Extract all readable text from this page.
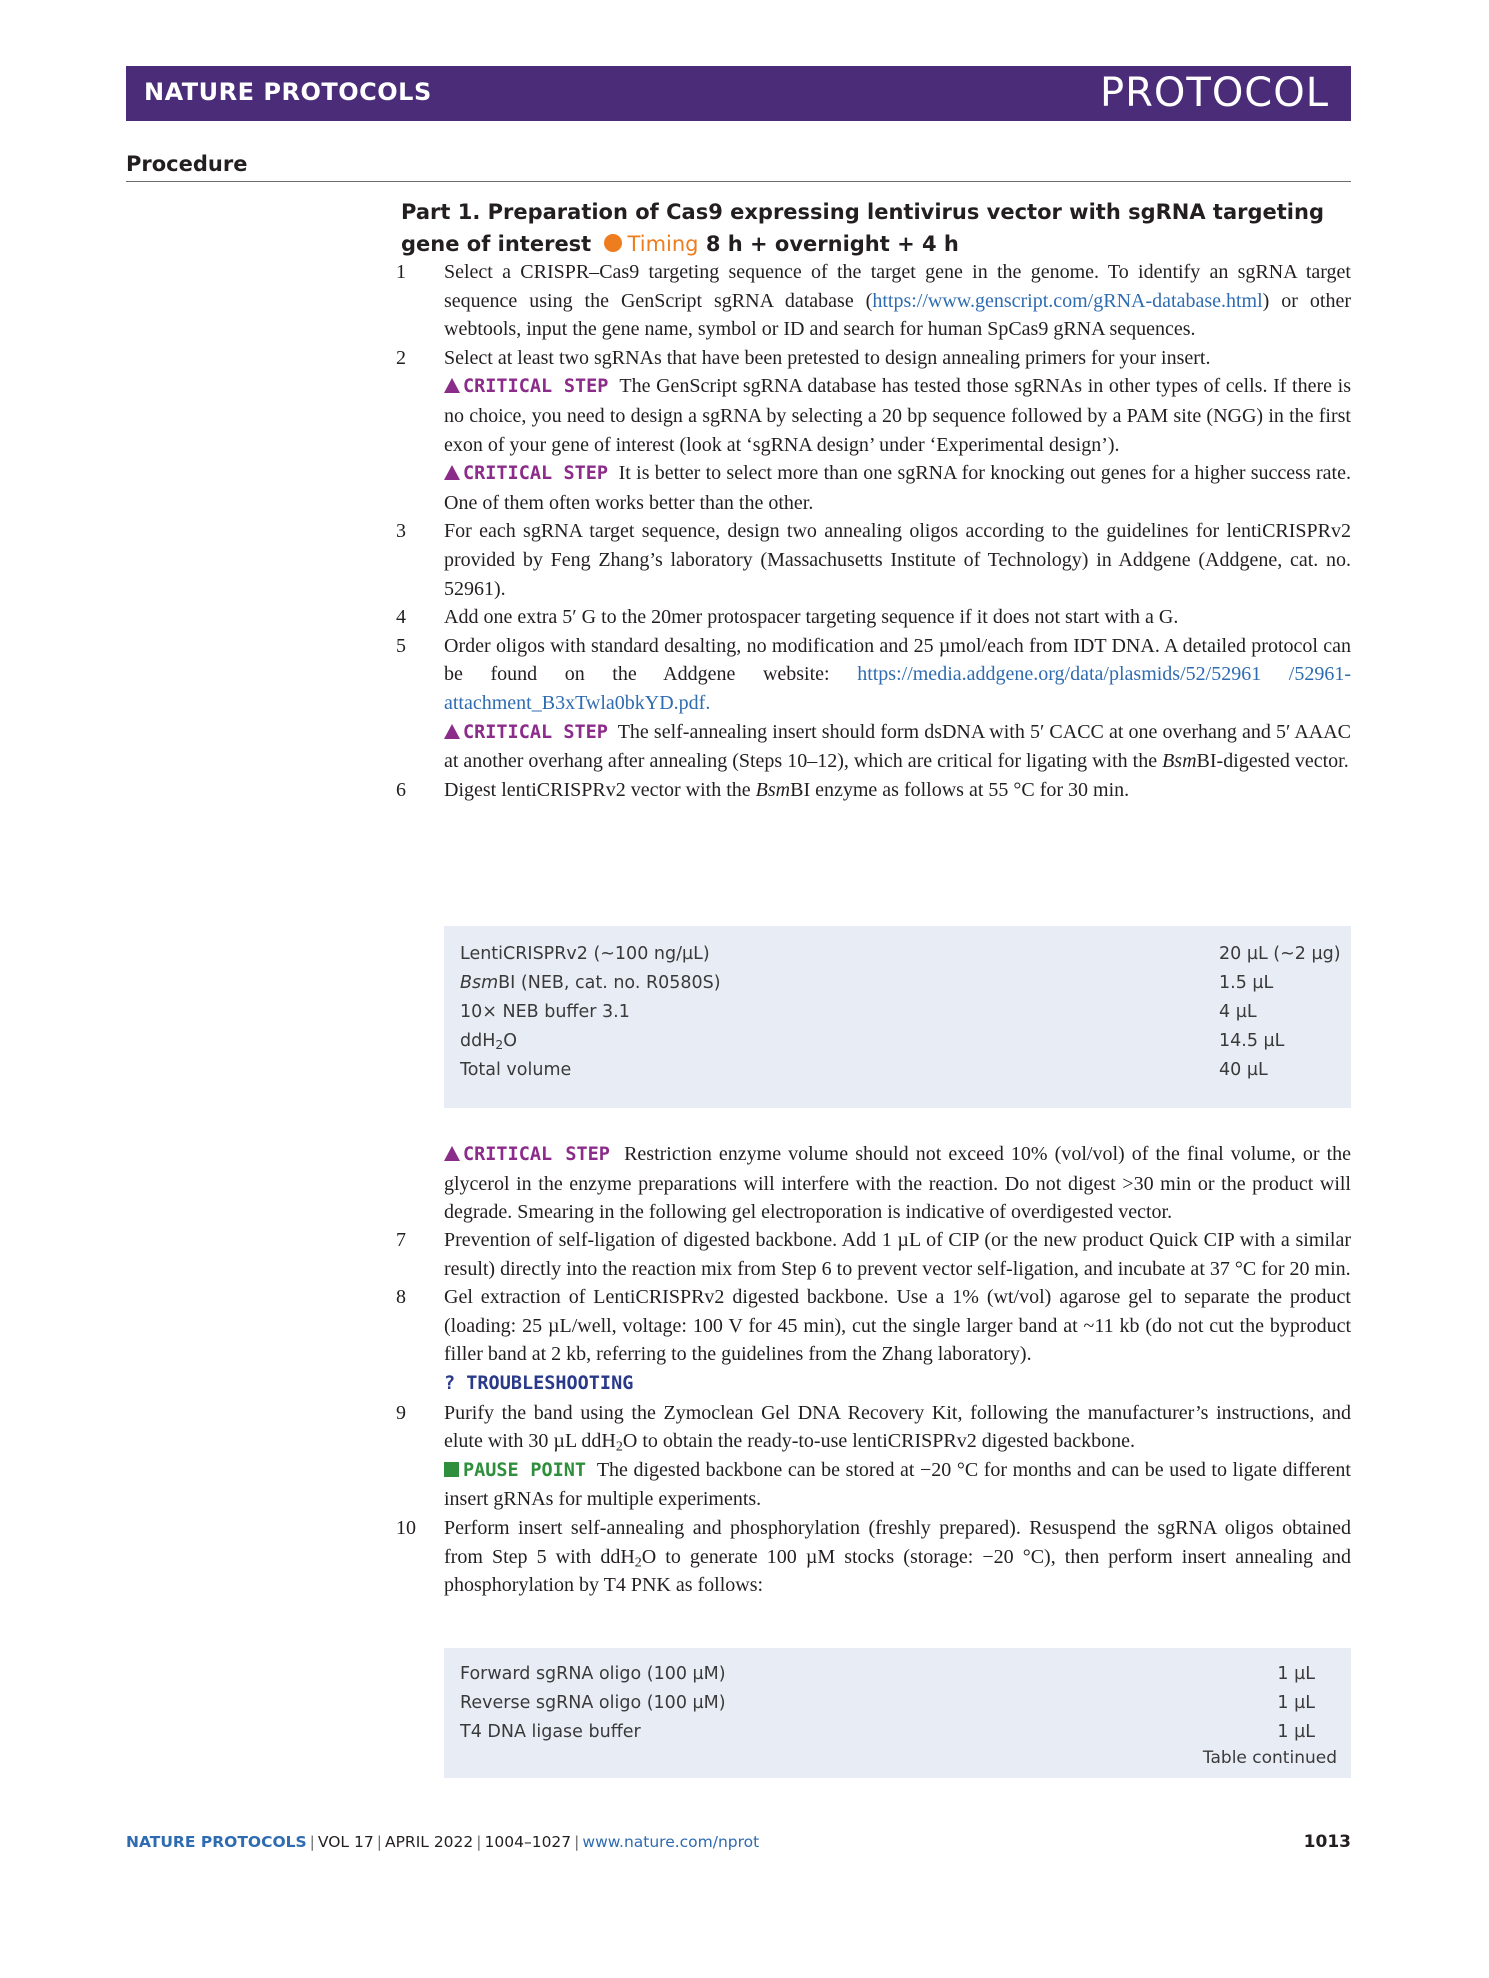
NATURE PROTOCOLS	PROTOCOL
Procedure
Part 1. Preparation of Cas9 expressing lentivirus vector with sgRNA targeting gene of interest Timing 8 h + overnight + 4 h
1 Select a CRISPR–Cas9 targeting sequence of the target gene in the genome. To identify an sgRNA target sequence using the GenScript sgRNA database (https://www.genscript.com/gRNA-database.html) or other webtools, input the gene name, symbol or ID and search for human SpCas9 gRNA sequences.
2 Select at least two sgRNAs that have been pretested to design annealing primers for your insert.
CRITICAL STEP The GenScript sgRNA database has tested those sgRNAs in other types of cells. If there is no choice, you need to design a sgRNA by selecting a 20 bp sequence followed by a PAM site (NGG) in the first exon of your gene of interest (look at ‘sgRNA design’ under ‘Experimental design’).
CRITICAL STEP It is better to select more than one sgRNA for knocking out genes for a higher success rate. One of them often works better than the other.
3 For each sgRNA target sequence, design two annealing oligos according to the guidelines for lentiCRISPRv2 provided by Feng Zhang’s laboratory (Massachusetts Institute of Technology) in Addgene (Addgene, cat. no. 52961).
4 Add one extra 5′ G to the 20mer protospacer targeting sequence if it does not start with a G.
5 Order oligos with standard desalting, no modification and 25 µmol/each from IDT DNA. A detailed protocol can be found on the Addgene website: https://media.addgene.org/data/plasmids/52/52961 /52961-attachment_B3xTwla0bkYD.pdf.
CRITICAL STEP The self-annealing insert should form dsDNA with 5′ CACC at one overhang and 5′ AAAC at another overhang after annealing (Steps 10–12), which are critical for ligating with the BsmBI-digested vector.
6 Digest lentiCRISPRv2 vector with the BsmBI enzyme as follows at 55 °C for 30 min.
LentiCRISPRv2 (~100 ng/µL)	20 µL (~2 µg)
BsmBI (NEB, cat. no. R0580S)	1.5 µL
10× NEB buffer 3.1	4 µL
ddH$_2$O	14.5 µL
Total volume	40 µL
CRITICAL STEP Restriction enzyme volume should not exceed 10% (vol/vol) of the final volume, or the glycerol in the enzyme preparations will interfere with the reaction. Do not digest >30 min or the product will degrade. Smearing in the following gel electroporation is indicative of overdigested vector.
7 Prevention of self-ligation of digested backbone. Add 1 µL of CIP (or the new product Quick CIP with a similar result) directly into the reaction mix from Step 6 to prevent vector self-ligation, and incubate at 37 °C for 20 min.
8 Gel extraction of LentiCRISPRv2 digested backbone. Use a 1% (wt/vol) agarose gel to separate the product (loading: 25 µL/well, voltage: 100 V for 45 min), cut the single larger band at ~11 kb (do not cut the byproduct filler band at 2 kb, referring to the guidelines from the Zhang laboratory).
? TROUBLESHOOTING
9 Purify the band using the Zymoclean Gel DNA Recovery Kit, following the manufacturer’s instructions, and elute with 30 µL ddH$_2$O to obtain the ready-to-use lentiCRISPRv2 digested backbone.
PAUSE POINT The digested backbone can be stored at −20 °C for months and can be used to ligate different insert gRNAs for multiple experiments.
10 Perform insert self-annealing and phosphorylation (freshly prepared). Resuspend the sgRNA oligos obtained from Step 5 with ddH$_2$O to generate 100 µM stocks (storage: −20 °C), then perform insert annealing and phosphorylation by T4 PNK as follows:
Forward sgRNA oligo (100 µM)	1 µL
Reverse sgRNA oligo (100 µM)	1 µL
T4 DNA ligase buffer	1 µL
Table continued
NATURE PROTOCOLS | VOL 17 | APRIL 2022 | 1004–1027 | www.nature.com/nprot	1013
